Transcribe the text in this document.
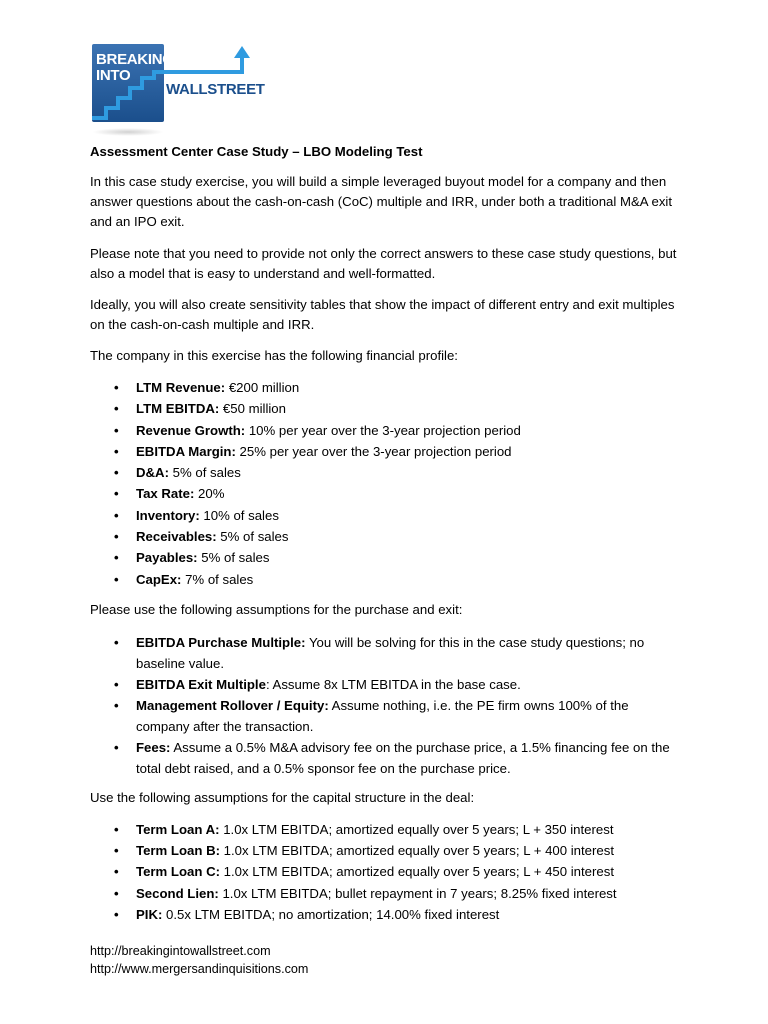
BREAKING
INTO
WALLSTREET
Assessment Center Case Study – LBO Modeling Test

In this case study exercise, you will build a simple leveraged buyout model for a company and then answer questions about the cash-on-cash (CoC) multiple and IRR, under both a traditional M&A exit and an IPO exit.

Please note that you need to provide not only the correct answers to these case study questions, but also a model that is easy to understand and well-formatted.

Ideally, you will also create sensitivity tables that show the impact of different entry and exit multiples on the cash-on-cash multiple and IRR.

The company in this exercise has the following financial profile:

• LTM Revenue: €200 million
• LTM EBITDA: €50 million
• Revenue Growth: 10% per year over the 3-year projection period
• EBITDA Margin: 25% per year over the 3-year projection period
• D&A: 5% of sales
• Tax Rate: 20%
• Inventory: 10% of sales
• Receivables: 5% of sales
• Payables: 5% of sales
• CapEx: 7% of sales

Please use the following assumptions for the purchase and exit:

• EBITDA Purchase Multiple: You will be solving for this in the case study questions; no baseline value.
• EBITDA Exit Multiple: Assume 8x LTM EBITDA in the base case.
• Management Rollover / Equity: Assume nothing, i.e. the PE firm owns 100% of the company after the transaction.
• Fees: Assume a 0.5% M&A advisory fee on the purchase price, a 1.5% financing fee on the total debt raised, and a 0.5% sponsor fee on the purchase price.

Use the following assumptions for the capital structure in the deal:

• Term Loan A: 1.0x LTM EBITDA; amortized equally over 5 years; L + 350 interest
• Term Loan B: 1.0x LTM EBITDA; amortized equally over 5 years; L + 400 interest
• Term Loan C: 1.0x LTM EBITDA; amortized equally over 5 years; L + 450 interest
• Second Lien: 1.0x LTM EBITDA; bullet repayment in 7 years; 8.25% fixed interest
• PIK: 0.5x LTM EBITDA; no amortization; 14.00% fixed interest
http://breakingintowallstreet.com
http://www.mergersandinquisitions.com
